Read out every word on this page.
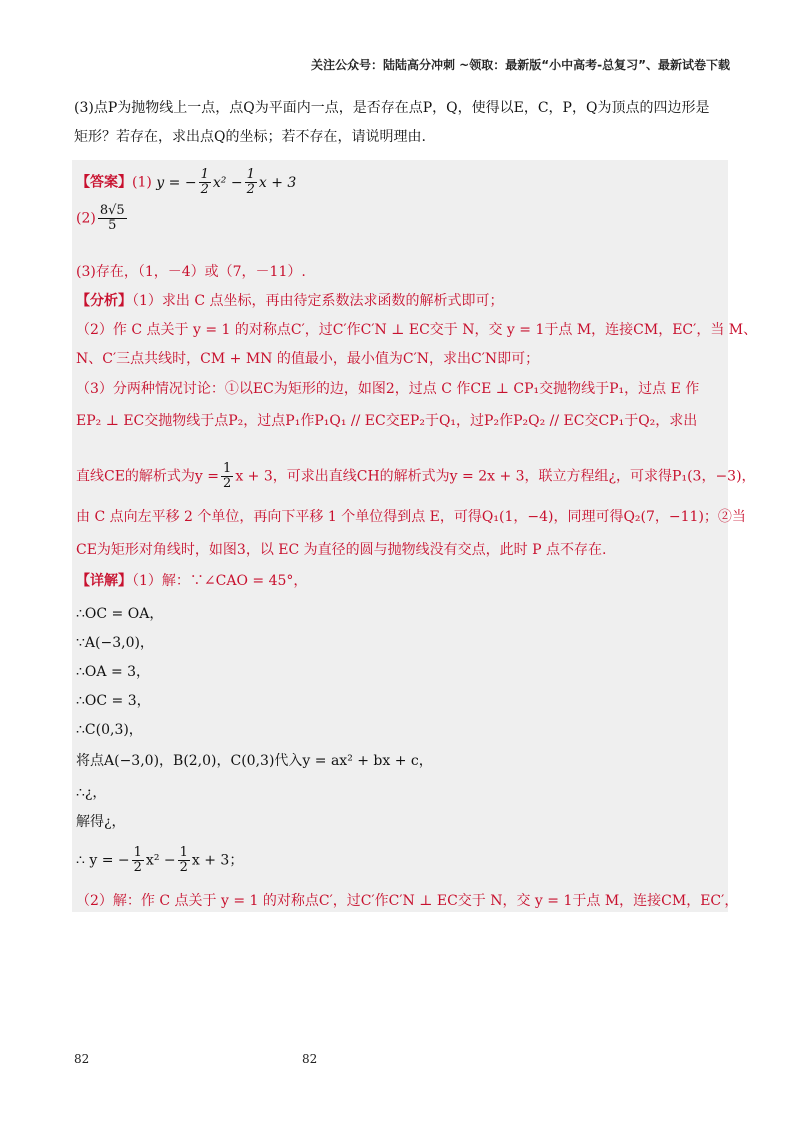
关注公众号：陆陆高分冲刺 ~领取：最新版“小中高考-总复习”、最新试卷下载
(3)点P为抛物线上一点，点Q为平面内一点，是否存在点P，Q，使得以E，C，P，Q为顶点的四边形是
矩形？若存在，求出点Q的坐标；若不存在，请说明理由.
【答案】(1) y = − $\frac{1}{2} x^2 - \frac{1}{2}$ x + 3
$(2) \frac{8√5}{5}$
(3)存在，（1，－4）或（7，－11）.
【分析】（1）求出 C 点坐标，再由待定系数法求函数的解析式即可；
（2）作 C 点关于 y = 1 的对称点C′，过C′作C′N ⊥ EC交于 N，交 y = 1于点 M，连接CM，EC′，当 M、
N、C′三点共线时，CM + MN 的值最小，最小值为C′N，求出C′N即可；
（3）分两种情况讨论：①以EC为矩形的边，如图2，过点 C 作CE ⊥ CP₁交抛物线于P₁，过点 E 作
EP₂ ⊥ EC交抛物线于点P₂，过点P₁作P₁Q₁ // EC交EP₂于Q₁，过P₂作P₂Q₂ // EC交CP₁于Q₂，求出
直线CE的解析式为$y = \frac{1}{2}$ x + 3，可求出直线CH的解析式为y = 2x + 3，联立方程组¿，可求得P₁(3，−3)，
由 C 点向左平移 2 个单位，再向下平移 1 个单位得到点 E，可得Q₁(1，−4)，同理可得Q₂(7，−11)；②当
CE为矩形对角线时，如图3，以 EC 为直径的圆与抛物线没有交点，此时 P 点不存在.
【详解】（1）解：∵∠CAO = 45°，
∴OC = OA，
∵A(−3,0)，
∴OA = 3，
∴OC = 3，
∴C(0,3)，
将点A(−3,0)，B(2,0)，C(0,3)代入y = ax² + bx + c，
∴¿，
解得¿，
∴ y = − $\frac{1}{2} x^2 - \frac{1}{2}$ x + 3；
（2）解：作 C 点关于 y = 1 的对称点C′，过C′作C′N ⊥ EC交于 N，交 y = 1于点 M，连接CM，EC′，
82	82
